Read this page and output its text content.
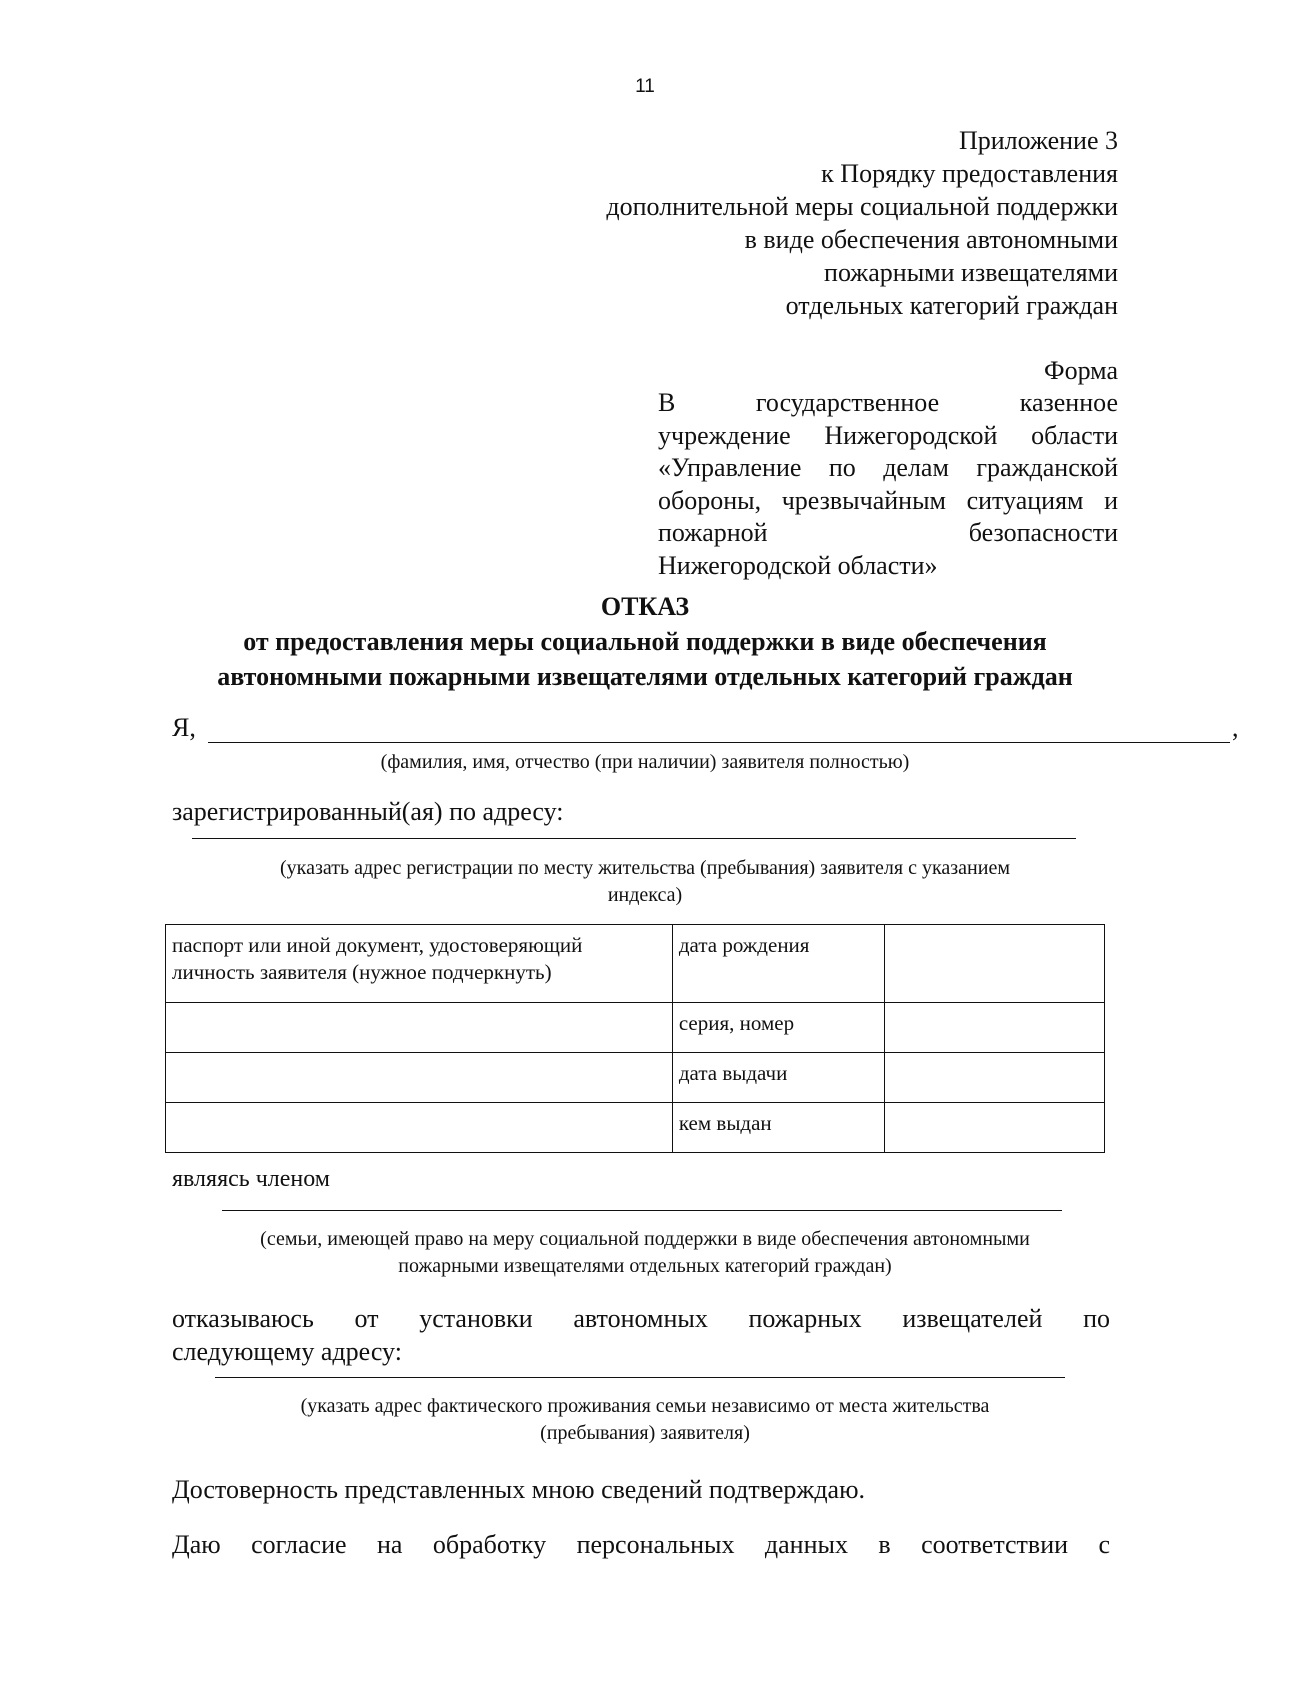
11
Приложение 3
к Порядку предоставления
дополнительной меры социальной поддержки
в виде обеспечения автономными
пожарными извещателями
отдельных категорий граждан
Форма
В государственное казенное
учреждение Нижегородской области
«Управление по делам гражданской
обороны, чрезвычайным ситуациям и
пожарной безопасности
Нижегородской области»
ОТКАЗ
от предоставления меры социальной поддержки в виде обеспечения
автономными пожарными извещателями отдельных категорий граждан
Я,	,
(фамилия, имя, отчество (при наличии) заявителя полностью)
зарегистрированный(ая) по адресу:
(указать адрес регистрации по месту жительства (пребывания) заявителя с указанием
индекса)
паспорт или иной документ, удостоверяющий личность заявителя (нужное подчеркнуть)	дата рождения	
	серия, номер	
	дата выдачи	
	кем выдан	
являясь членом
(семьи, имеющей право на меру социальной поддержки в виде обеспечения автономными
пожарными извещателями отдельных категорий граждан)
отказываюсь от установки автономных пожарных извещателей по
следующему адресу:
(указать адрес фактического проживания семьи независимо от места жительства
(пребывания) заявителя)
Достоверность представленных мною сведений подтверждаю.
Даю согласие на обработку персональных данных в соответствии с
